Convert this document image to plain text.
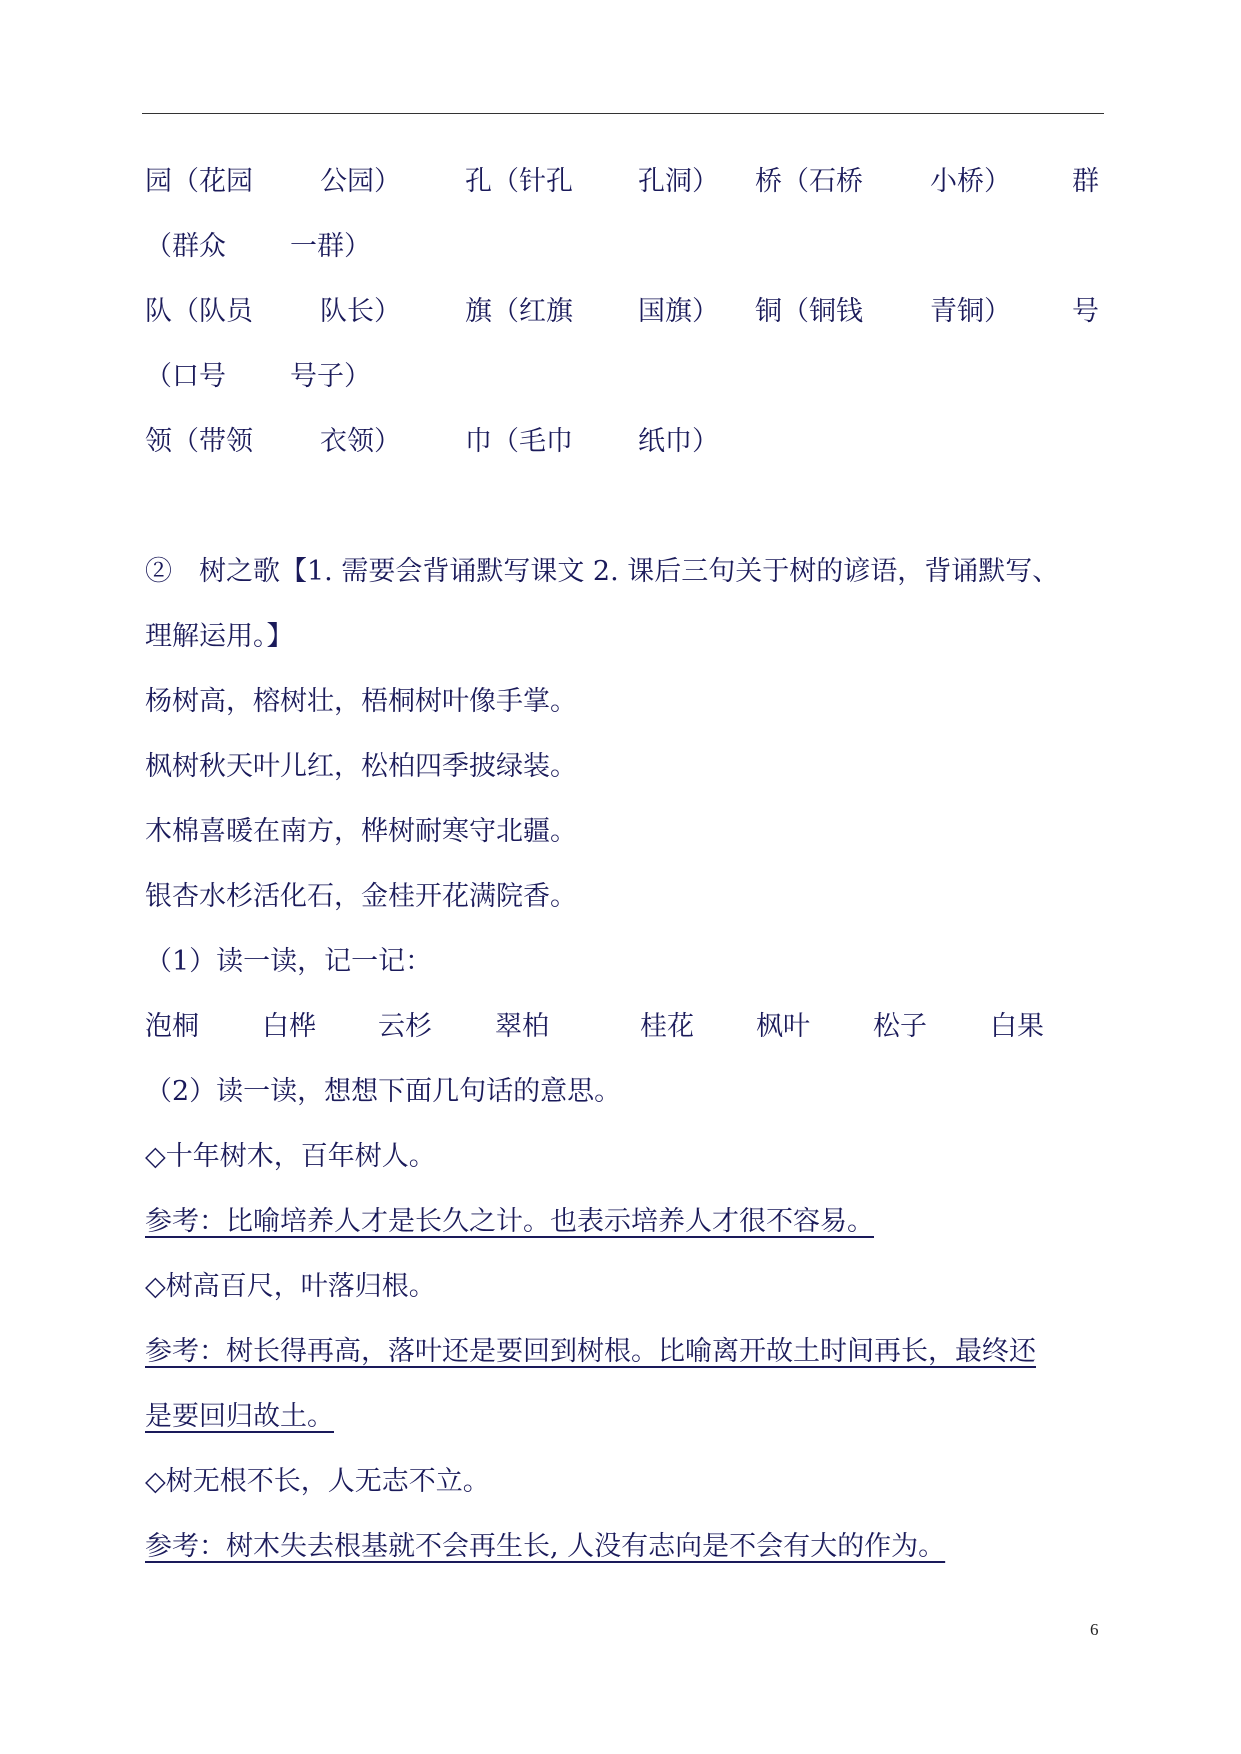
园（花园 公园） 孔（针孔 孔洞） 桥（石桥 小桥） 群
（群众 一群）
队（队员 队长） 旗（红旗 国旗） 铜（铜钱 青铜） 号
（口号 号子）
领（带领 衣领） 巾（毛巾 纸巾）
②　树之歌【1. 需要会背诵默写课文 2. 课后三句关于树的谚语，背诵默写、
理解运用。】
杨树高，榕树壮，梧桐树叶像手掌。
枫树秋天叶儿红，松柏四季披绿装。
木棉喜暖在南方，桦树耐寒守北疆。
银杏水杉活化石，金桂开花满院香。
（1）读一读，记一记：
泡桐 白桦 云杉 翠柏	桂花 枫叶 松子 白果
（2）读一读，想想下面几句话的意思。
◇十年树木，百年树人。
参考：比喻培养人才是长久之计。也表示培养人才很不容易。
◇树高百尺，叶落归根。
参考：树长得再高，落叶还是要回到树根。比喻离开故土时间再长，最终还
是要回归故土。
◇树无根不长，人无志不立。
参考：树木失去根基就不会再生长, 人没有志向是不会有大的作为。
6
